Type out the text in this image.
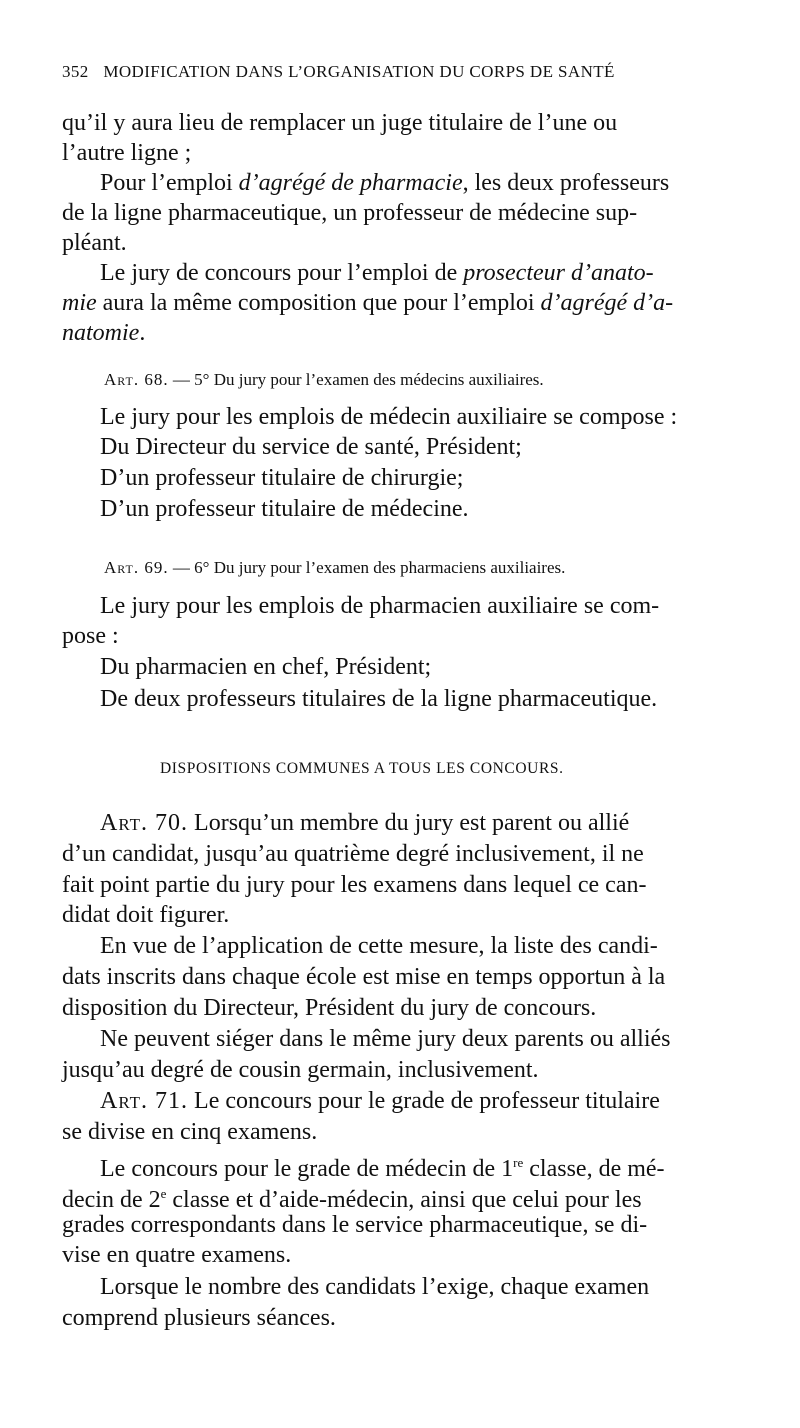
352 MODIFICATION DANS L’ORGANISATION DU CORPS DE SANTÉ
qu’il y aura lieu de remplacer un juge titulaire de l’une ou
l’autre ligne ;
Pour l’emploi d’agrégé de pharmacie, les deux professeurs
de la ligne pharmaceutique, un professeur de médecine sup-
pléant.
Le jury de concours pour l’emploi de prosecteur d’anato-
mie aura la même composition que pour l’emploi d’agrégé d’a-
natomie.
Art. 68. — 5° Du jury pour l’examen des médecins auxiliaires.
Le jury pour les emplois de médecin auxiliaire se compose :
Du Directeur du service de santé, Président;
D’un professeur titulaire de chirurgie;
D’un professeur titulaire de médecine.
Art. 69. — 6° Du jury pour l’examen des pharmaciens auxiliaires.
Le jury pour les emplois de pharmacien auxiliaire se com-
pose :
Du pharmacien en chef, Président;
De deux professeurs titulaires de la ligne pharmaceutique.
DISPOSITIONS COMMUNES A TOUS LES CONCOURS.
Art. 70. Lorsqu’un membre du jury est parent ou allié
d’un candidat, jusqu’au quatrième degré inclusivement, il ne
fait point partie du jury pour les examens dans lequel ce can-
didat doit figurer.
En vue de l’application de cette mesure, la liste des candi-
dats inscrits dans chaque école est mise en temps opportun à la
disposition du Directeur, Président du jury de concours.
Ne peuvent siéger dans le même jury deux parents ou alliés
jusqu’au degré de cousin germain, inclusivement.
Art. 71. Le concours pour le grade de professeur titulaire
se divise en cinq examens.
Le concours pour le grade de médecin de 1re classe, de mé-
decin de 2e classe et d’aide-médecin, ainsi que celui pour les
grades correspondants dans le service pharmaceutique, se di-
vise en quatre examens.
Lorsque le nombre des candidats l’exige, chaque examen
comprend plusieurs séances.
